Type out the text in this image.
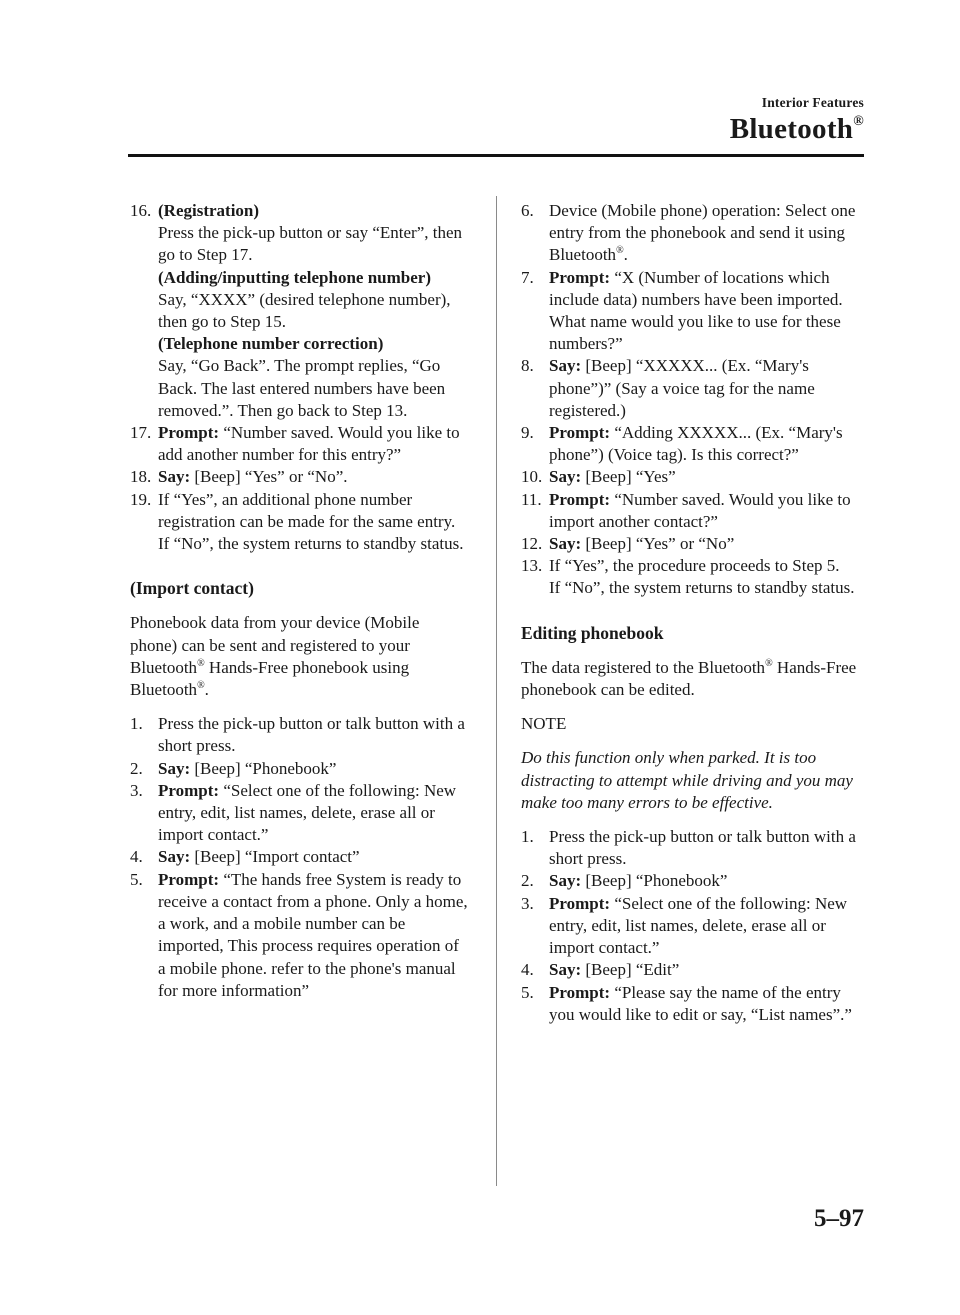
Interior Features
Bluetooth®
16. (Registration)
Press the pick-up button or say “Enter”, then go to Step 17.
(Adding/inputting telephone number)
Say, “XXXX” (desired telephone number), then go to Step 15.
(Telephone number correction)
Say, “Go Back”. The prompt replies, “Go Back. The last entered numbers have been removed.”. Then go back to Step 13.
17. Prompt: “Number saved. Would you like to add another number for this entry?”
18. Say: [Beep] “Yes” or “No”.
19. If “Yes”, an additional phone number registration can be made for the same entry.
If “No”, the system returns to standby status.
(Import contact)

Phonebook data from your device (Mobile phone) can be sent and registered to your Bluetooth® Hands-Free phonebook using Bluetooth®.

1. Press the pick-up button or talk button with a short press.
2. Say: [Beep] “Phonebook”
3. Prompt: “Select one of the following: New entry, edit, list names, delete, erase all or import contact.”
4. Say: [Beep] “Import contact”
5. Prompt: “The hands free System is ready to receive a contact from a phone. Only a home, a work, and a mobile number can be imported, This process requires operation of a mobile phone. refer to the phone's manual for more information”
6. Device (Mobile phone) operation: Select one entry from the phonebook and send it using Bluetooth®.
7. Prompt: “X (Number of locations which include data) numbers have been imported. What name would you like to use for these numbers?”
8. Say: [Beep] “XXXXX... (Ex. “Mary's phone”)” (Say a voice tag for the name registered.)
9. Prompt: “Adding XXXXX... (Ex. “Mary's phone”) (Voice tag). Is this correct?”
10. Say: [Beep] “Yes”
11. Prompt: “Number saved. Would you like to import another contact?”
12. Say: [Beep] “Yes” or “No”
13. If “Yes”, the procedure proceeds to Step 5.
If “No”, the system returns to standby status.
Editing phonebook

The data registered to the Bluetooth® Hands-Free phonebook can be edited.

NOTE

Do this function only when parked. It is too distracting to attempt while driving and you may make too many errors to be effective.

1. Press the pick-up button or talk button with a short press.
2. Say: [Beep] “Phonebook”
3. Prompt: “Select one of the following: New entry, edit, list names, delete, erase all or import contact.”
4. Say: [Beep] “Edit”
5. Prompt: “Please say the name of the entry you would like to edit or say, “List names”.”
5–97
